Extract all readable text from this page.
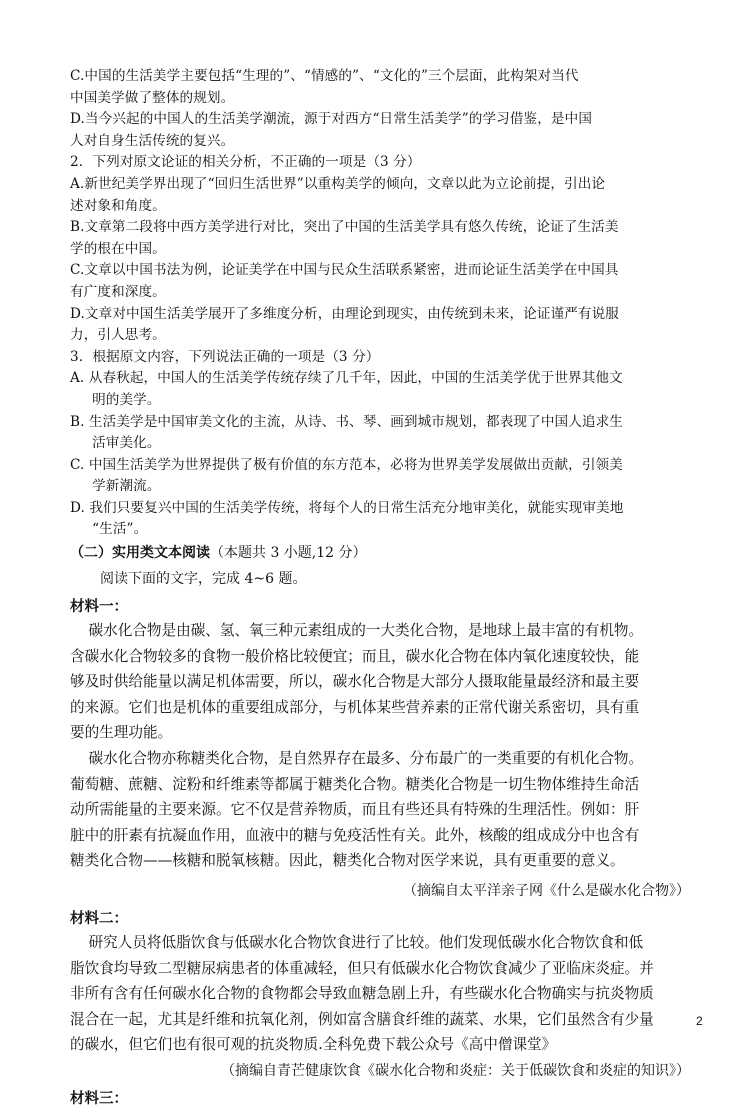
C.中国的生活美学主要包括“生理的”、“情感的”、“文化的”三个层面，此构架对当代
中国美学做了整体的规划。
D.当今兴起的中国人的生活美学潮流，源于对西方“日常生活美学”的学习借鉴，是中国
人对自身生活传统的复兴。
2．下列对原文论证的相关分析，不正确的一项是（3 分）
A.新世纪美学界出现了“回归生活世界”以重构美学的倾向，文章以此为立论前提，引出论
述对象和角度。
B.文章第二段将中西方美学进行对比，突出了中国的生活美学具有悠久传统，论证了生活美
学的根在中国。
C.文章以中国书法为例，论证美学在中国与民众生活联系紧密，进而论证生活美学在中国具
有广度和深度。
D.文章对中国生活美学展开了多维度分析，由理论到现实，由传统到未来，论证谨严有说服
力，引人思考。
3．根据原文内容，下列说法正确的一项是（3 分）
A. 从春秋起，中国人的生活美学传统存续了几千年，因此，中国的生活美学优于世界其他文
明的美学。
B. 生活美学是中国审美文化的主流，从诗、书、琴、画到城市规划，都表现了中国人追求生
活审美化。
C. 中国生活美学为世界提供了极有价值的东方范本，必将为世界美学发展做出贡献，引领美
学新潮流。
D. 我们只要复兴中国的生活美学传统，将每个人的日常生活充分地审美化，就能实现审美地
“生活”。
（二）实用类文本阅读（本题共 3 小题,12 分）
阅读下面的文字，完成 4~6 题。
材料一：
碳水化合物是由碳、氢、氧三种元素组成的一大类化合物，是地球上最丰富的有机物。
含碳水化合物较多的食物一般价格比较便宜；而且，碳水化合物在体内氧化速度较快，能
够及时供给能量以满足机体需要，所以，碳水化合物是大部分人摄取能量最经济和最主要
的来源。它们也是机体的重要组成部分，与机体某些营养素的正常代谢关系密切，具有重
要的生理功能。
碳水化合物亦称糖类化合物，是自然界存在最多、分布最广的一类重要的有机化合物。
葡萄糖、蔗糖、淀粉和纤维素等都属于糖类化合物。糖类化合物是一切生物体维持生命活
动所需能量的主要来源。它不仅是营养物质，而且有些还具有特殊的生理活性。例如：肝
脏中的肝素有抗凝血作用，血液中的糖与免疫活性有关。此外，核酸的组成成分中也含有
糖类化合物——核糖和脱氧核糖。因此，糖类化合物对医学来说，具有更重要的意义。
（摘编自太平洋亲子网《什么是碳水化合物》）
材料二：
研究人员将低脂饮食与低碳水化合物饮食进行了比较。他们发现低碳水化合物饮食和低
脂饮食均导致二型糖尿病患者的体重减轻，但只有低碳水化合物饮食减少了亚临床炎症。并
非所有含有任何碳水化合物的食物都会导致血糖急剧上升，有些碳水化合物确实与抗炎物质
混合在一起，尤其是纤维和抗氧化剂，例如富含膳食纤维的蔬菜、水果，它们虽然含有少量
的碳水，但它们也有很可观的抗炎物质.全科免费下载公众号《高中僧课堂》
（摘编自青芒健康饮食《碳水化合物和炎症：关于低碳饮食和炎症的知识》）
材料三：
2
